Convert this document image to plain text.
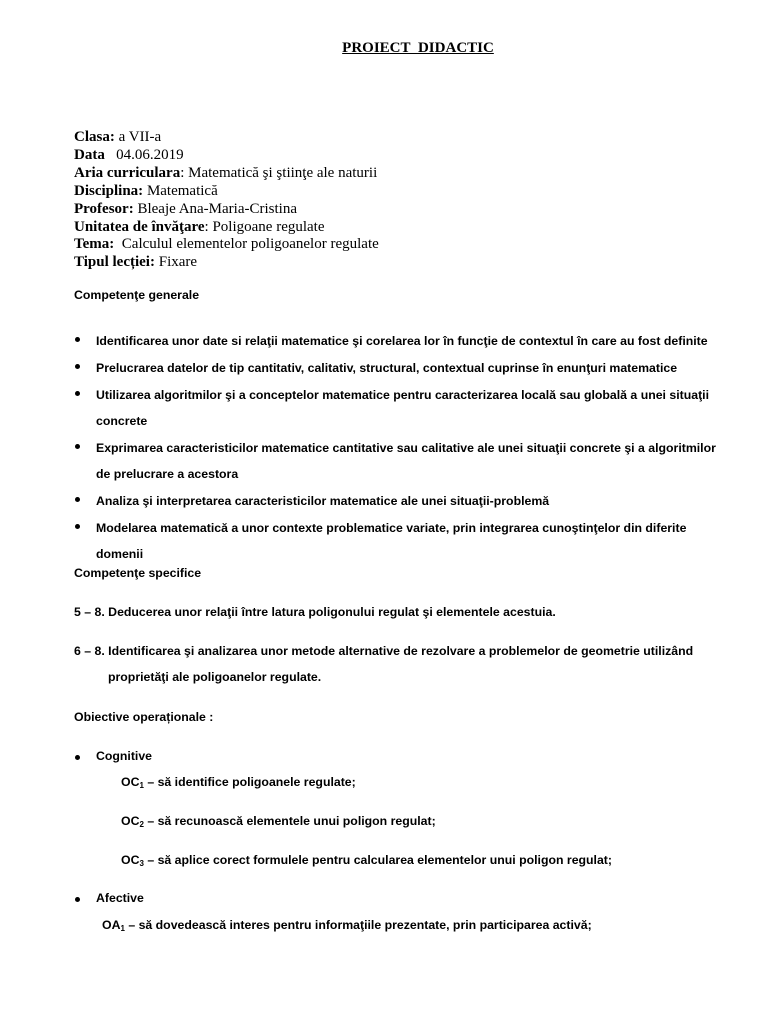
PROIECT DIDACTIC
Clasa: a VII-a
Data   04.06.2019
Aria curriculara: Matematică şi ştiinţe ale naturii
Disciplina: Matematică
Profesor: Bleaje Ana-Maria-Cristina
Unitatea de învăţare: Poligoane regulate
Tema:  Calculul elementelor poligoanelor regulate
Tipul lecției: Fixare
Competenţe generale
Identificarea unor date si relaţii matematice şi corelarea lor în funcţie de contextul în care au fost definite
Prelucrarea datelor de tip cantitativ, calitativ, structural, contextual cuprinse în enunţuri matematice
Utilizarea algoritmilor şi a conceptelor matematice pentru caracterizarea locală sau globală a unei situaţii concrete
Exprimarea caracteristicilor matematice cantitative sau calitative ale unei situaţii concrete şi a algoritmilor de prelucrare a acestora
Analiza şi interpretarea caracteristicilor matematice ale unei situaţii-problemă
Modelarea matematică a unor contexte problematice variate, prin integrarea cunoştinţelor din diferite domenii
Competenţe specifice
5 – 8. Deducerea unor relaţii între latura poligonului regulat şi elementele acestuia.
6 – 8. Identificarea şi analizarea unor metode alternative de rezolvare a problemelor de geometrie utilizând
proprietăţi ale poligoanelor regulate.
Obiective operaționale :
Cognitive
$OC_1$ – să identifice poligoanele regulate;
$OC_2$ – să recunoască elementele unui poligon regulat;
$OC_3$ – să aplice corect formulele pentru calcularea elementelor unui poligon regulat;
Afective
$OA_1$ – să dovedească interes pentru informaţiile prezentate, prin participarea activă;
